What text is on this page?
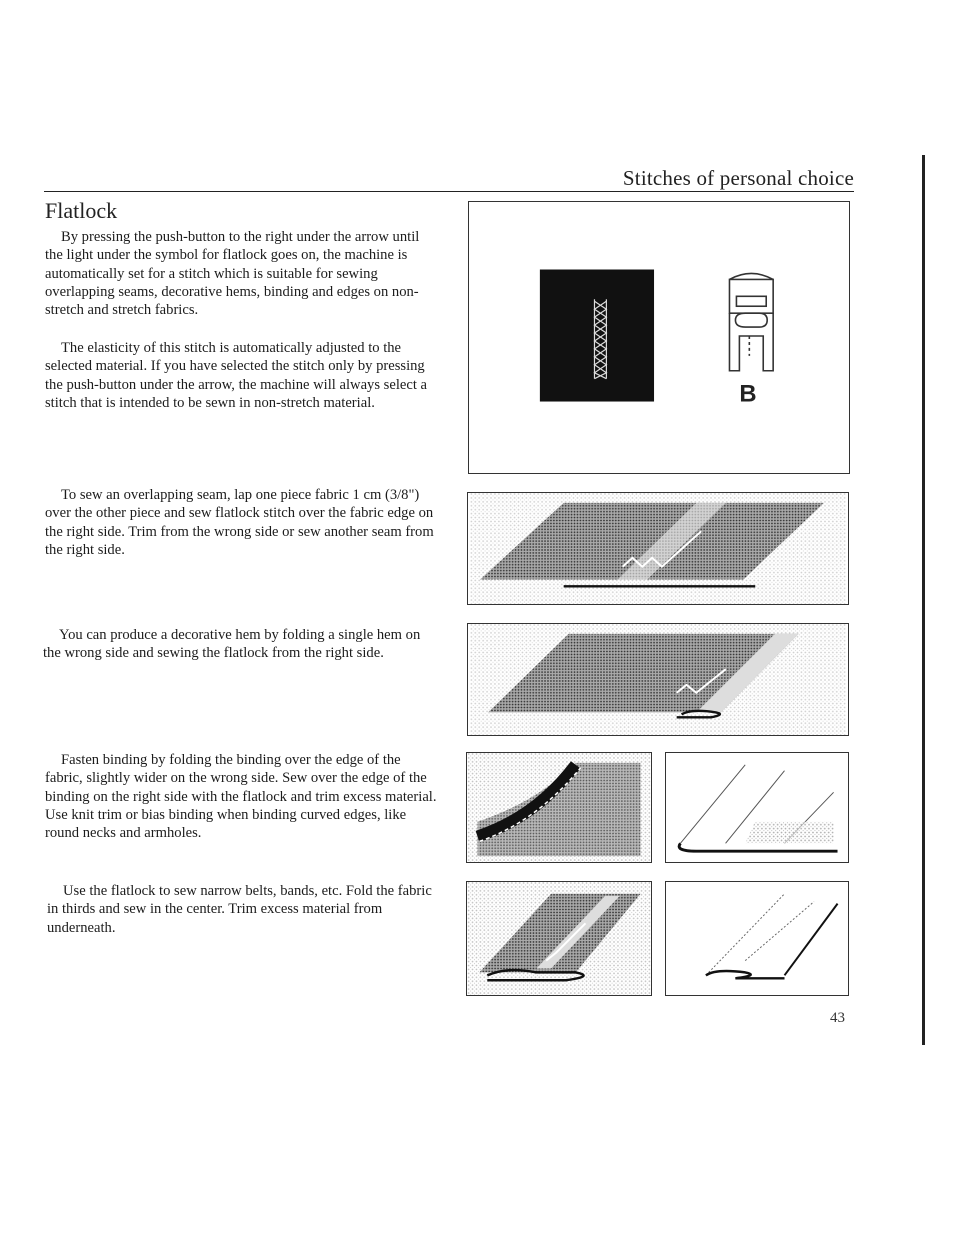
Stitches of personal choice
Flatlock

By pressing the push-button to the right under the arrow until the light under the symbol for flatlock goes on, the machine is automatically set for a stitch which is suitable for sewing overlapping seams, decorative hems, binding and edges on non-stretch and stretch fabrics.

The elasticity of this stitch is automatically adjusted to the selected material. If you have selected the stitch only by pressing the push-button under the arrow, the machine will always select a stitch that is intended to be sewn in non-stretch material.

To sew an overlapping seam, lap one piece fabric 1 cm (3/8") over the other piece and sew flatlock stitch over the fabric edge on the right side. Trim from the wrong side or sew another seam from the right side.

You can produce a decorative hem by folding a single hem on the wrong side and sewing the flatlock from the right side.

Fasten binding by folding the binding over the edge of the fabric, slightly wider on the wrong side. Sew over the edge of the binding on the right side with the flatlock and trim excess material. Use knit trim or bias binding when binding curved edges, like round necks and armholes.

Use the flatlock to sew narrow belts, bands, etc. Fold the fabric in thirds and sew in the center. Trim excess material from underneath.

B
43
